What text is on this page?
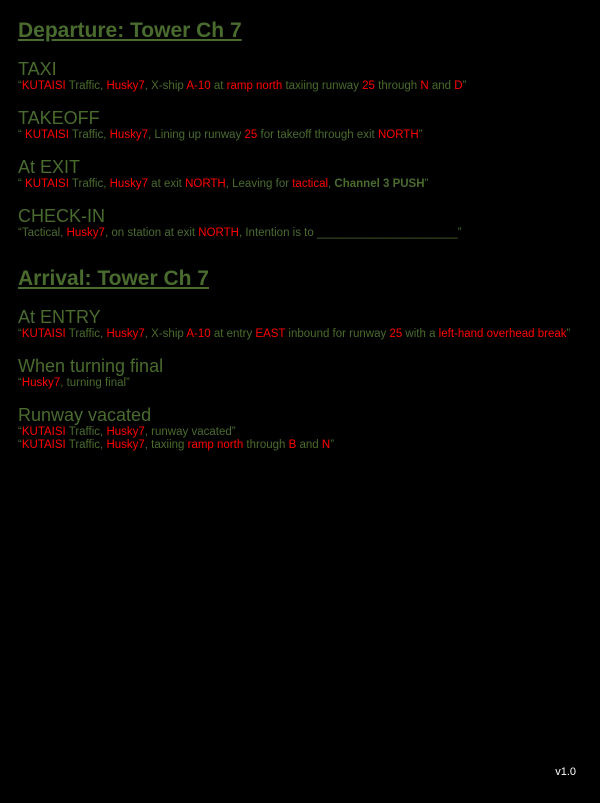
Departure: Tower Ch 7
TAXI
“KUTAISI Traffic, Husky7, X-ship A-10 at ramp north taxiing runway 25 through N and D”
TAKEOFF
“ KUTAISI Traffic, Husky7, Lining up runway 25 for takeoff through exit NORTH”
At EXIT
“ KUTAISI Traffic, Husky7 at exit NORTH, Leaving for tactical, Channel 3 PUSH”
CHECK-IN
“Tactical, Husky7, on station at exit NORTH, Intention is to ______________________”
Arrival: Tower Ch 7
At ENTRY
“KUTAISI Traffic, Husky7, X-ship A-10 at entry EAST inbound for runway 25 with a left-hand overhead break”
When turning final
“Husky7, turning final”
Runway vacated
“KUTAISI Traffic, Husky7, runway vacated”
“KUTAISI Traffic, Husky7, taxiing ramp north through B and N”
v1.0
